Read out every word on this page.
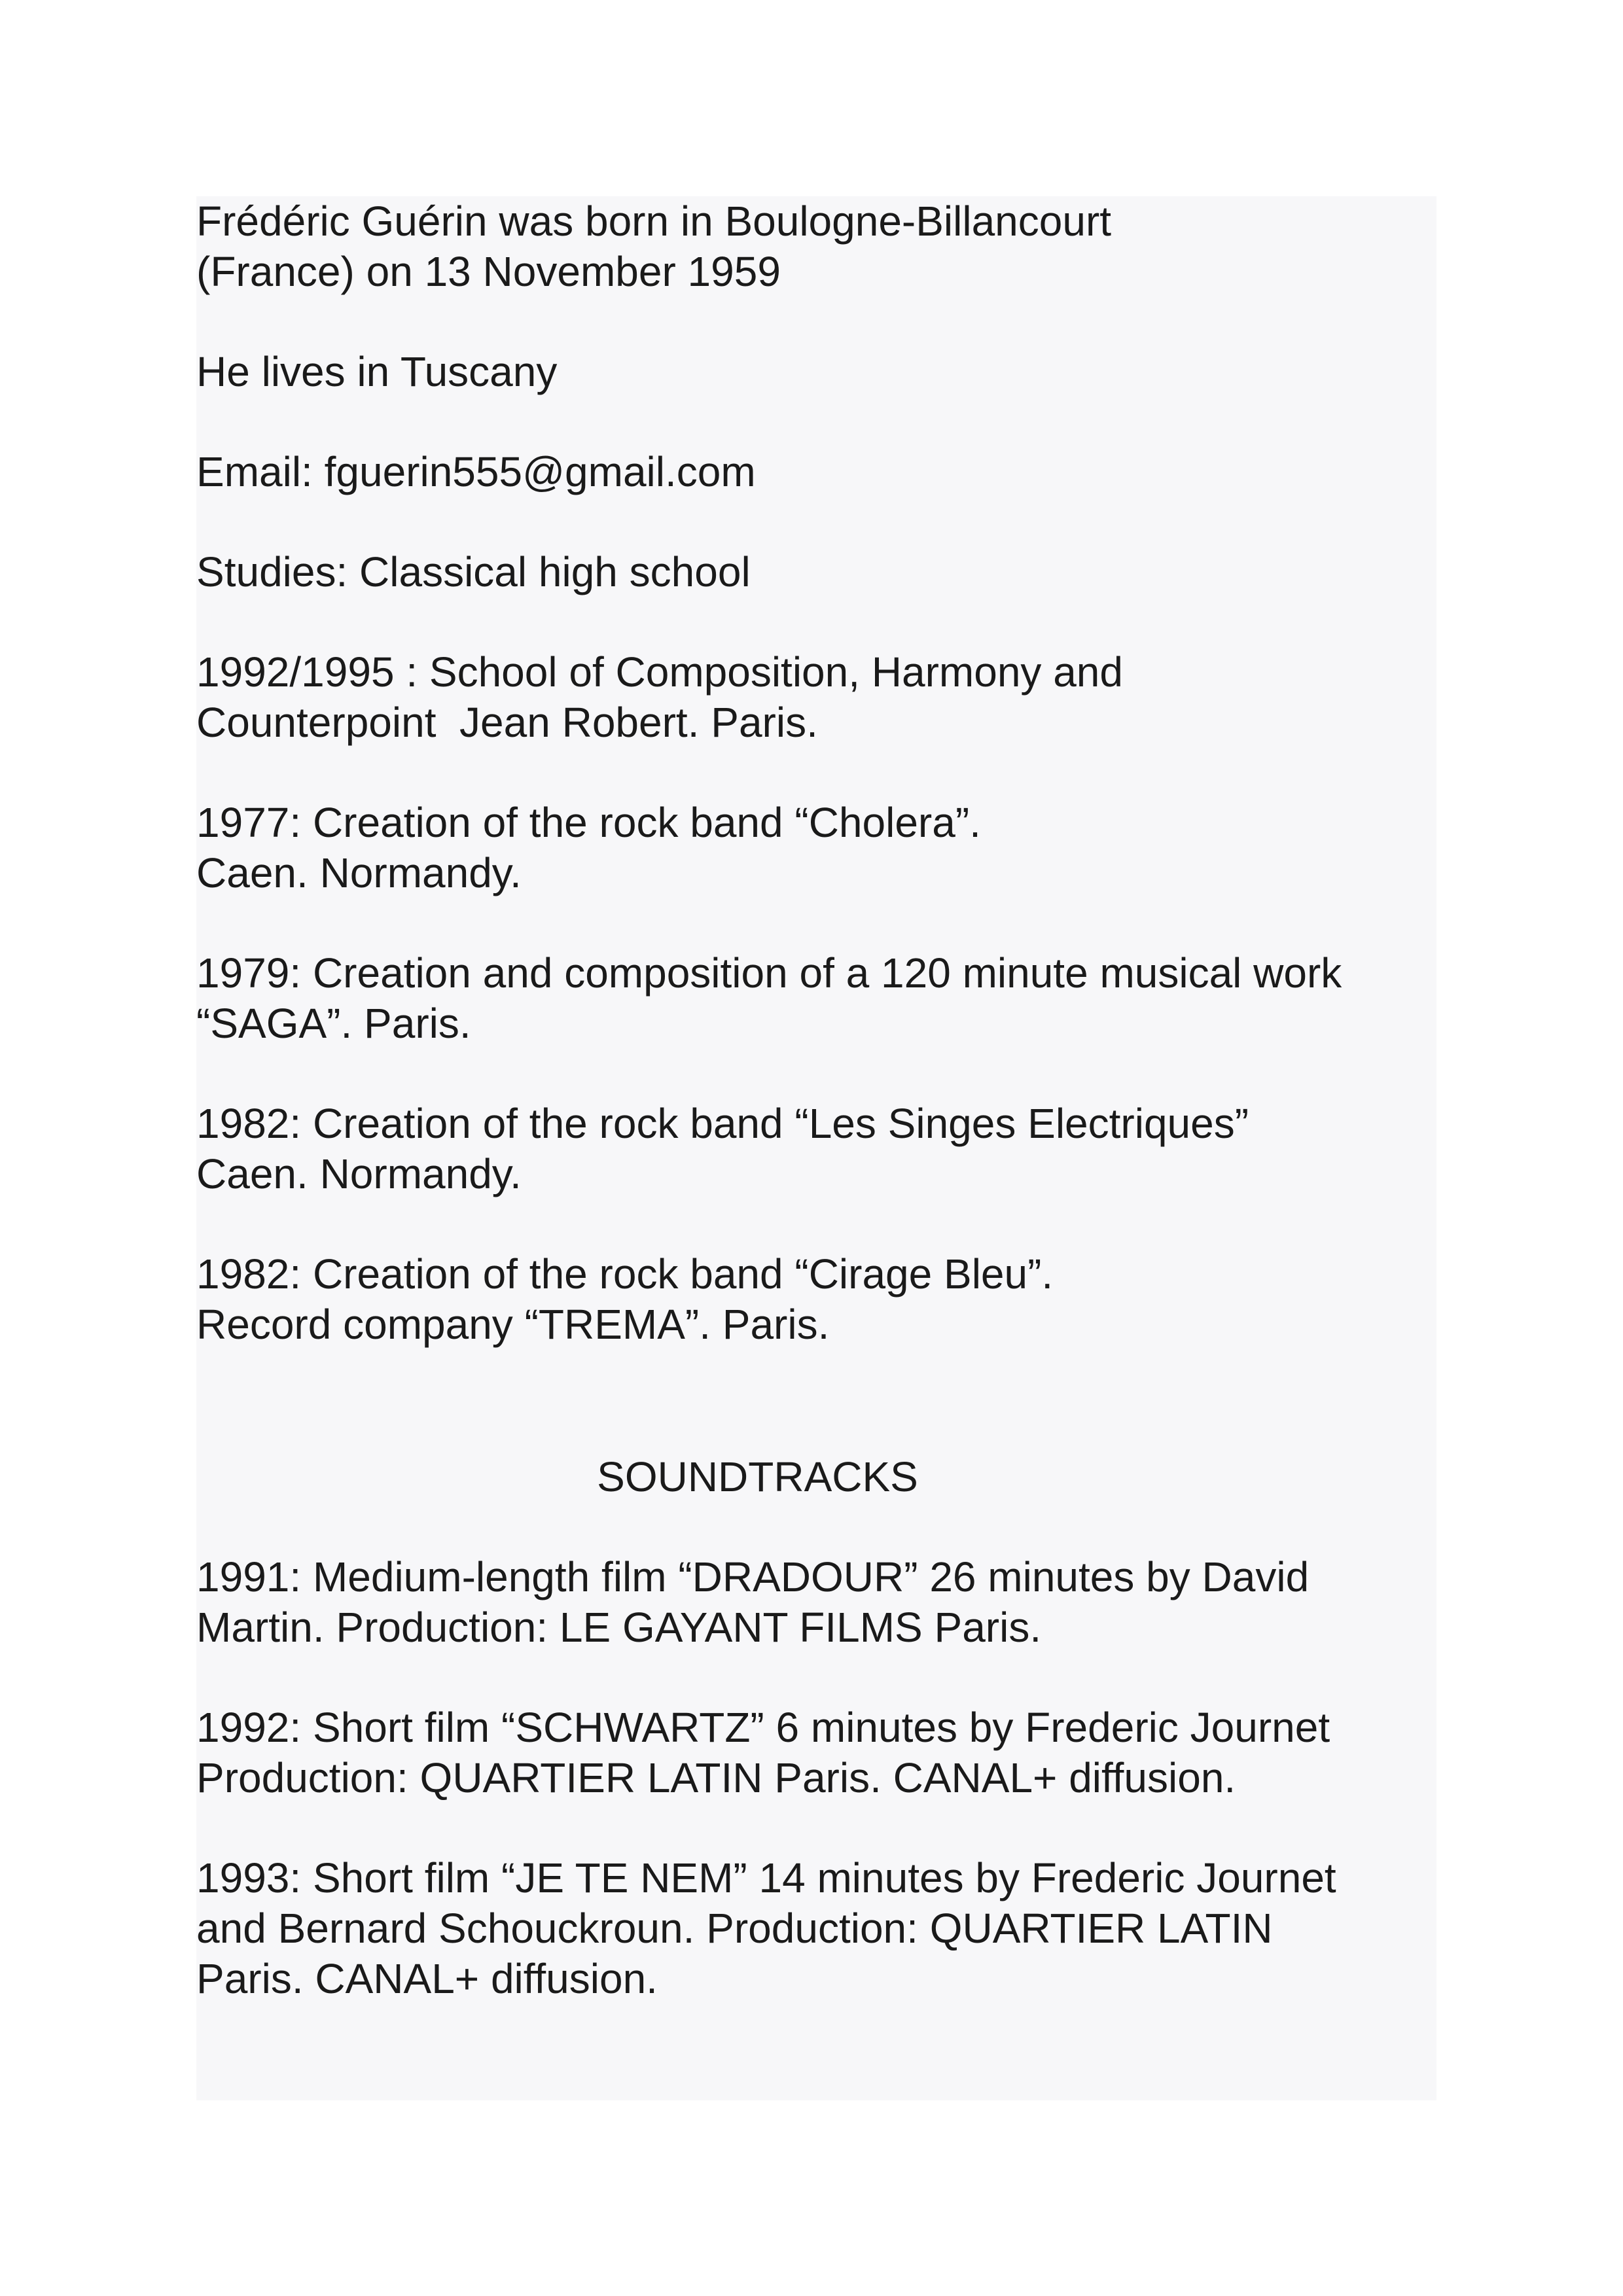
Frédéric Guérin was born in Boulogne-Billancourt
(France) on 13 November 1959
He lives in Tuscany
Email: fguerin555@gmail.com
Studies: Classical high school
1992/1995 : School of Composition, Harmony and
Counterpoint  Jean Robert. Paris.
1977: Creation of the rock band “Cholera”.
Caen. Normandy.
1979: Creation and composition of a 120 minute musical work
“SAGA”. Paris.
1982: Creation of the rock band “Les Singes Electriques”
Caen. Normandy.
1982: Creation of the rock band “Cirage Bleu”.
Record company “TREMA”. Paris.
SOUNDTRACKS
1991: Medium-length film “DRADOUR” 26 minutes by David
Martin. Production: LE GAYANT FILMS Paris.
1992: Short film “SCHWARTZ” 6 minutes by Frederic Journet
Production: QUARTIER LATIN Paris. CANAL+ diffusion.
1993: Short film “JE TE NEM” 14 minutes by Frederic Journet
and Bernard Schouckroun. Production: QUARTIER LATIN
Paris. CANAL+ diffusion.
